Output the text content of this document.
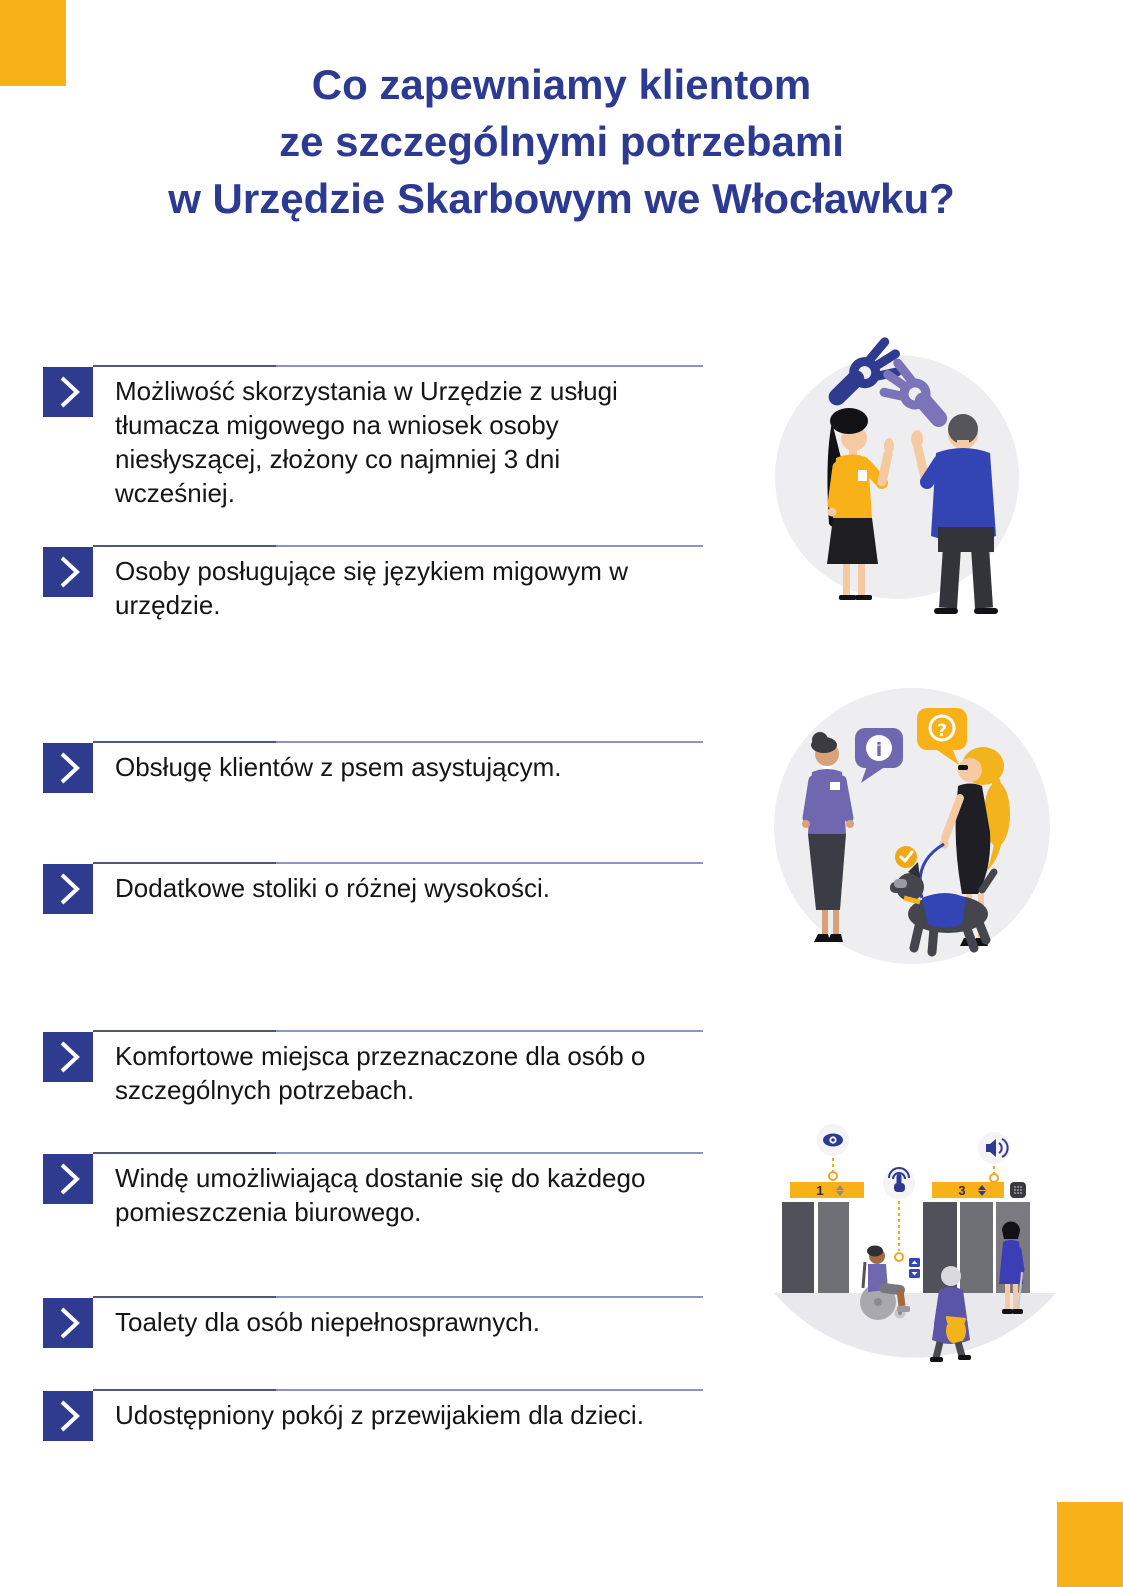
Co zapewniamy klientom
ze szczególnymi potrzebami
w Urzędzie Skarbowym we Włocławku?
Możliwość skorzystania w Urzędzie z usługi tłumacza migowego na wniosek osoby niesłyszącej, złożony co najmniej 3 dni wcześniej.
Osoby posługujące się językiem migowym w urzędzie.
Obsługę klientów z psem asystującym.
Dodatkowe stoliki o różnej wysokości.
Komfortowe miejsca przeznaczone dla osób o szczególnych potrzebach.
Windę umożliwiającą dostanie się do każdego pomieszczenia biurowego.
Toalety dla osób niepełnosprawnych.
Udostępniony pokój z przewijakiem dla dzieci.
i
?
1	3
